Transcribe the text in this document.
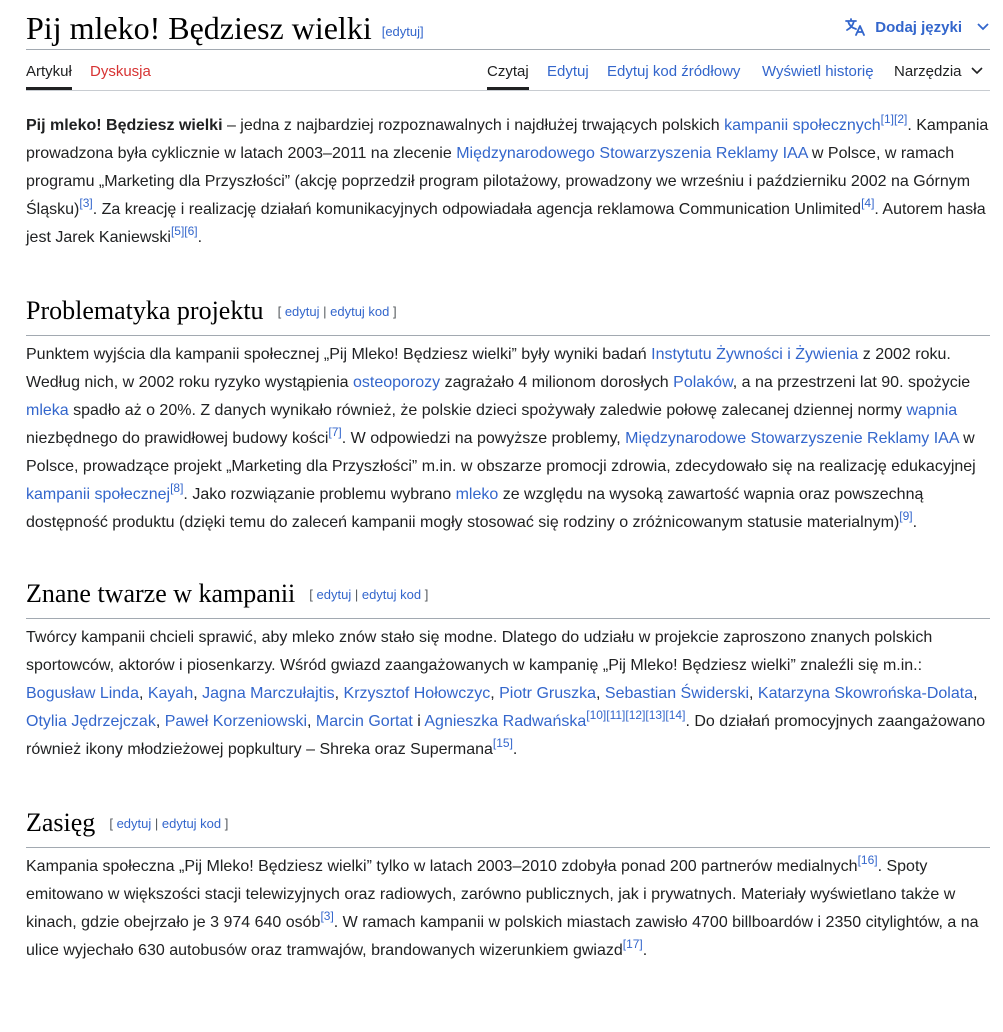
Pij mleko! Będziesz wielki [edytuj]	Dodaj języki
Artykuł Dyskusja	Czytaj Edytuj Edytuj kod źródłowy Wyświetl historię Narzędzia

Pij mleko! Będziesz wielki – jedna z najbardziej rozpoznawalnych i najdłużej trwających polskich kampanii społecznych[1][2]. Kampania prowadzona była cyklicznie w latach 2003–2011 na zlecenie Międzynarodowego Stowarzyszenia Reklamy IAA w Polsce, w ramach programu „Marketing dla Przyszłości” (akcję poprzedził program pilotażowy, prowadzony we wrześniu i październiku 2002 na Górnym Śląsku)[3]. Za kreację i realizację działań komunikacyjnych odpowiadała agencja reklamowa Communication Unlimited[4]. Autorem hasła jest Jarek Kaniewski[5][6].

Problematyka projektu [ edytuj | edytuj kod ]

Punktem wyjścia dla kampanii społecznej „Pij Mleko! Będziesz wielki” były wyniki badań Instytutu Żywności i Żywienia z 2002 roku. Według nich, w 2002 roku ryzyko wystąpienia osteoporozy zagrażało 4 milionom dorosłych Polaków, a na przestrzeni lat 90. spożycie mleka spadło aż o 20%. Z danych wynikało również, że polskie dzieci spożywały zaledwie połowę zalecanej dziennej normy wapnia niezbędnego do prawidłowej budowy kości[7]. W odpowiedzi na powyższe problemy, Międzynarodowe Stowarzyszenie Reklamy IAA w Polsce, prowadzące projekt „Marketing dla Przyszłości” m.in. w obszarze promocji zdrowia, zdecydowało się na realizację edukacyjnej kampanii społecznej[8]. Jako rozwiązanie problemu wybrano mleko ze względu na wysoką zawartość wapnia oraz powszechną dostępność produktu (dzięki temu do zaleceń kampanii mogły stosować się rodziny o zróżnicowanym statusie materialnym)[9].

Znane twarze w kampanii [ edytuj | edytuj kod ]

Twórcy kampanii chcieli sprawić, aby mleko znów stało się modne. Dlatego do udziału w projekcie zaproszono znanych polskich sportowców, aktorów i piosenkarzy. Wśród gwiazd zaangażowanych w kampanię „Pij Mleko! Będziesz wielki” znaleźli się m.in.: Bogusław Linda, Kayah, Jagna Marczułajtis, Krzysztof Hołowczyc, Piotr Gruszka, Sebastian Świderski, Katarzyna Skowrońska-Dolata, Otylia Jędrzejczak, Paweł Korzeniowski, Marcin Gortat i Agnieszka Radwańska[10][11][12][13][14]. Do działań promocyjnych zaangażowano również ikony młodzieżowej popkultury – Shreka oraz Supermana[15].

Zasięg [ edytuj | edytuj kod ]

Kampania społeczna „Pij Mleko! Będziesz wielki” tylko w latach 2003–2010 zdobyła ponad 200 partnerów medialnych[16]. Spoty emitowano w większości stacji telewizyjnych oraz radiowych, zarówno publicznych, jak i prywatnych. Materiały wyświetlano także w kinach, gdzie obejrzało je 3 974 640 osób[3]. W ramach kampanii w polskich miastach zawisło 4700 billboardów i 2350 citylightów, a na ulice wyjechało 630 autobusów oraz tramwajów, brandowanych wizerunkiem gwiazd[17].
